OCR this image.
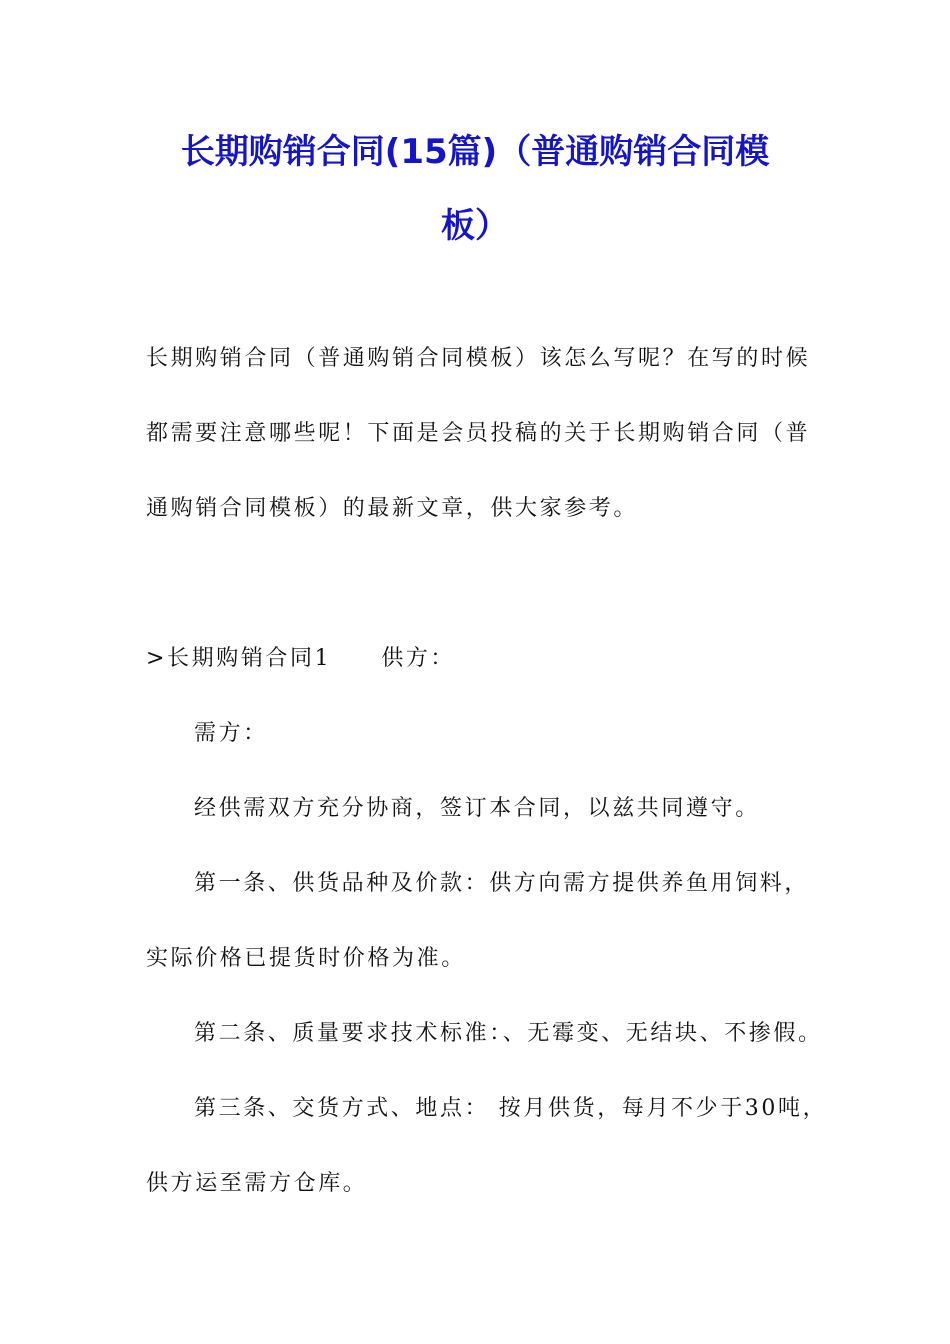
长期购销合同(15篇)（普通购销合同模
板）
长期购销合同（普通购销合同模板）该怎么写呢？在写的时候
都需要注意哪些呢！下面是会员投稿的关于长期购销合同（普
通购销合同模板）的最新文章，供大家参考。
>长期购销合同1 供方：
需方：
经供需双方充分协商，签订本合同，以兹共同遵守。
第一条、供货品种及价款：供方向需方提供养鱼用饲料，
实际价格已提货时价格为准。
第二条、质量要求技术标准：、无霉变、无结块、不掺假。
第三条、交货方式、地点： 按月供货，每月不少于30吨，
供方运至需方仓库。
